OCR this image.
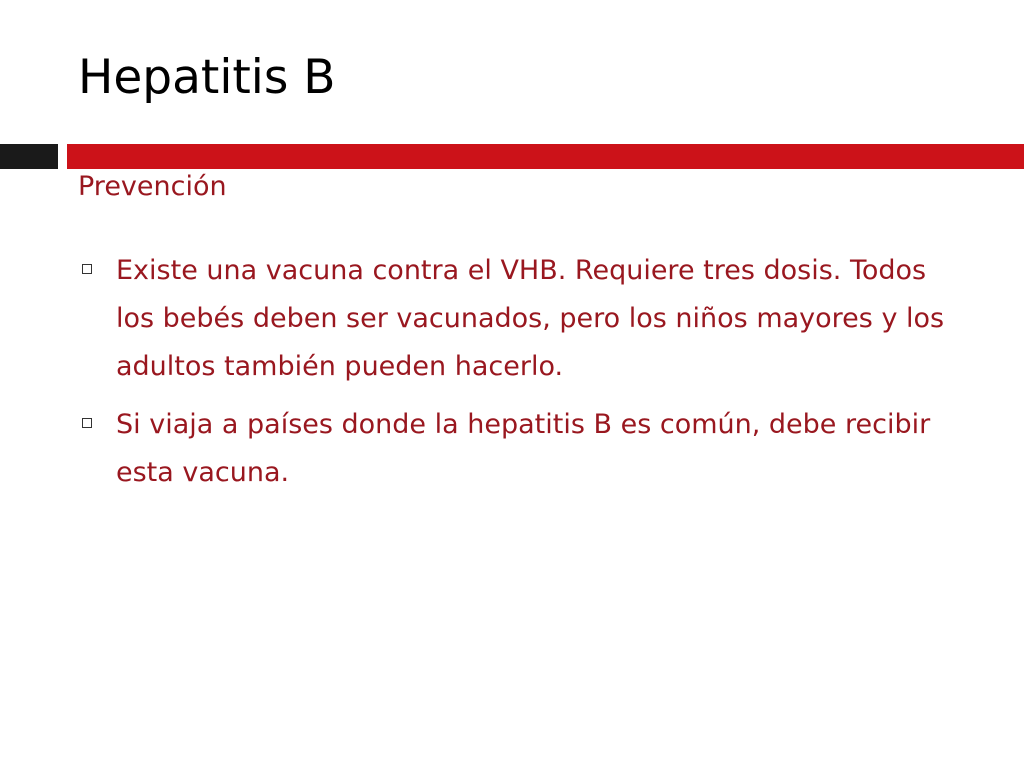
Hepatitis B
Prevención
Existe una vacuna contra el VHB. Requiere tres dosis. Todos los bebés deben ser vacunados, pero los niños mayores y los adultos también pueden hacerlo.
Si viaja a países donde la hepatitis B es común, debe recibir esta vacuna.
